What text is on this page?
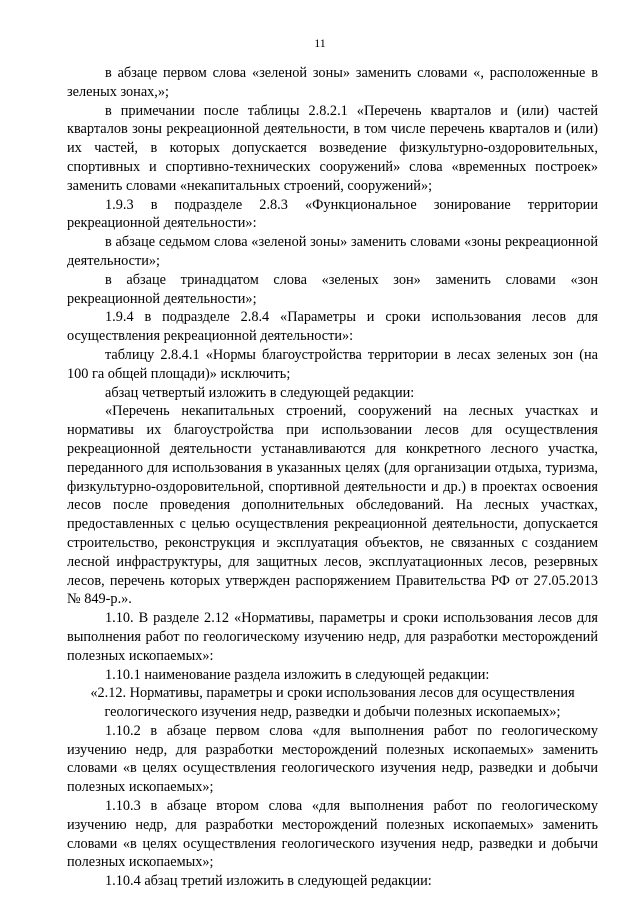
11

в абзаце первом слова «зеленой зоны» заменить словами «, расположенные в зеленых зонах,»;

в примечании после таблицы 2.8.2.1 «Перечень кварталов и (или) частей кварталов зоны рекреационной деятельности, в том числе перечень кварталов и (или) их частей, в которых допускается возведение физкультурно-оздоровительных, спортивных и спортивно-технических сооружений» слова «временных построек» заменить словами «некапитальных строений, сооружений»;

1.9.3 в подразделе 2.8.3 «Функциональное зонирование территории рекреационной деятельности»:

в абзаце седьмом слова «зеленой зоны» заменить словами «зоны рекреационной деятельности»;

в абзаце тринадцатом слова «зеленых зон» заменить словами «зон рекреационной деятельности»;

1.9.4 в подразделе 2.8.4 «Параметры и сроки использования лесов для осуществления рекреационной деятельности»:

таблицу 2.8.4.1 «Нормы благоустройства территории в лесах зеленых зон (на 100 га общей площади)» исключить;

абзац четвертый изложить в следующей редакции:

«Перечень некапитальных строений, сооружений на лесных участках и нормативы их благоустройства при использовании лесов для осуществления рекреационной деятельности устанавливаются для конкретного лесного участка, переданного для использования в указанных целях (для организации отдыха, туризма, физкультурно-оздоровительной, спортивной деятельности и др.) в проектах освоения лесов после проведения дополнительных обследований. На лесных участках, предоставленных с целью осуществления рекреационной деятельности, допускается строительство, реконструкция и эксплуатация объектов, не связанных с созданием лесной инфраструктуры, для защитных лесов, эксплуатационных лесов, резервных лесов, перечень которых утвержден распоряжением Правительства РФ от 27.05.2013 № 849-р.».

1.10. В разделе 2.12 «Нормативы, параметры и сроки использования лесов для выполнения работ по геологическому изучению недр, для разработки месторождений полезных ископаемых»:

1.10.1 наименование раздела изложить в следующей редакции:

«2.12. Нормативы, параметры и сроки использования лесов для осуществления геологического изучения недр, разведки и добычи полезных ископаемых»;

1.10.2 в абзаце первом слова «для выполнения работ по геологическому изучению недр, для разработки месторождений полезных ископаемых» заменить словами «в целях осуществления геологического изучения недр, разведки и добычи полезных ископаемых»;

1.10.3 в абзаце втором слова «для выполнения работ по геологическому изучению недр, для разработки месторождений полезных ископаемых» заменить словами «в целях осуществления геологического изучения недр, разведки и добычи полезных ископаемых»;

1.10.4 абзац третий изложить в следующей редакции:
